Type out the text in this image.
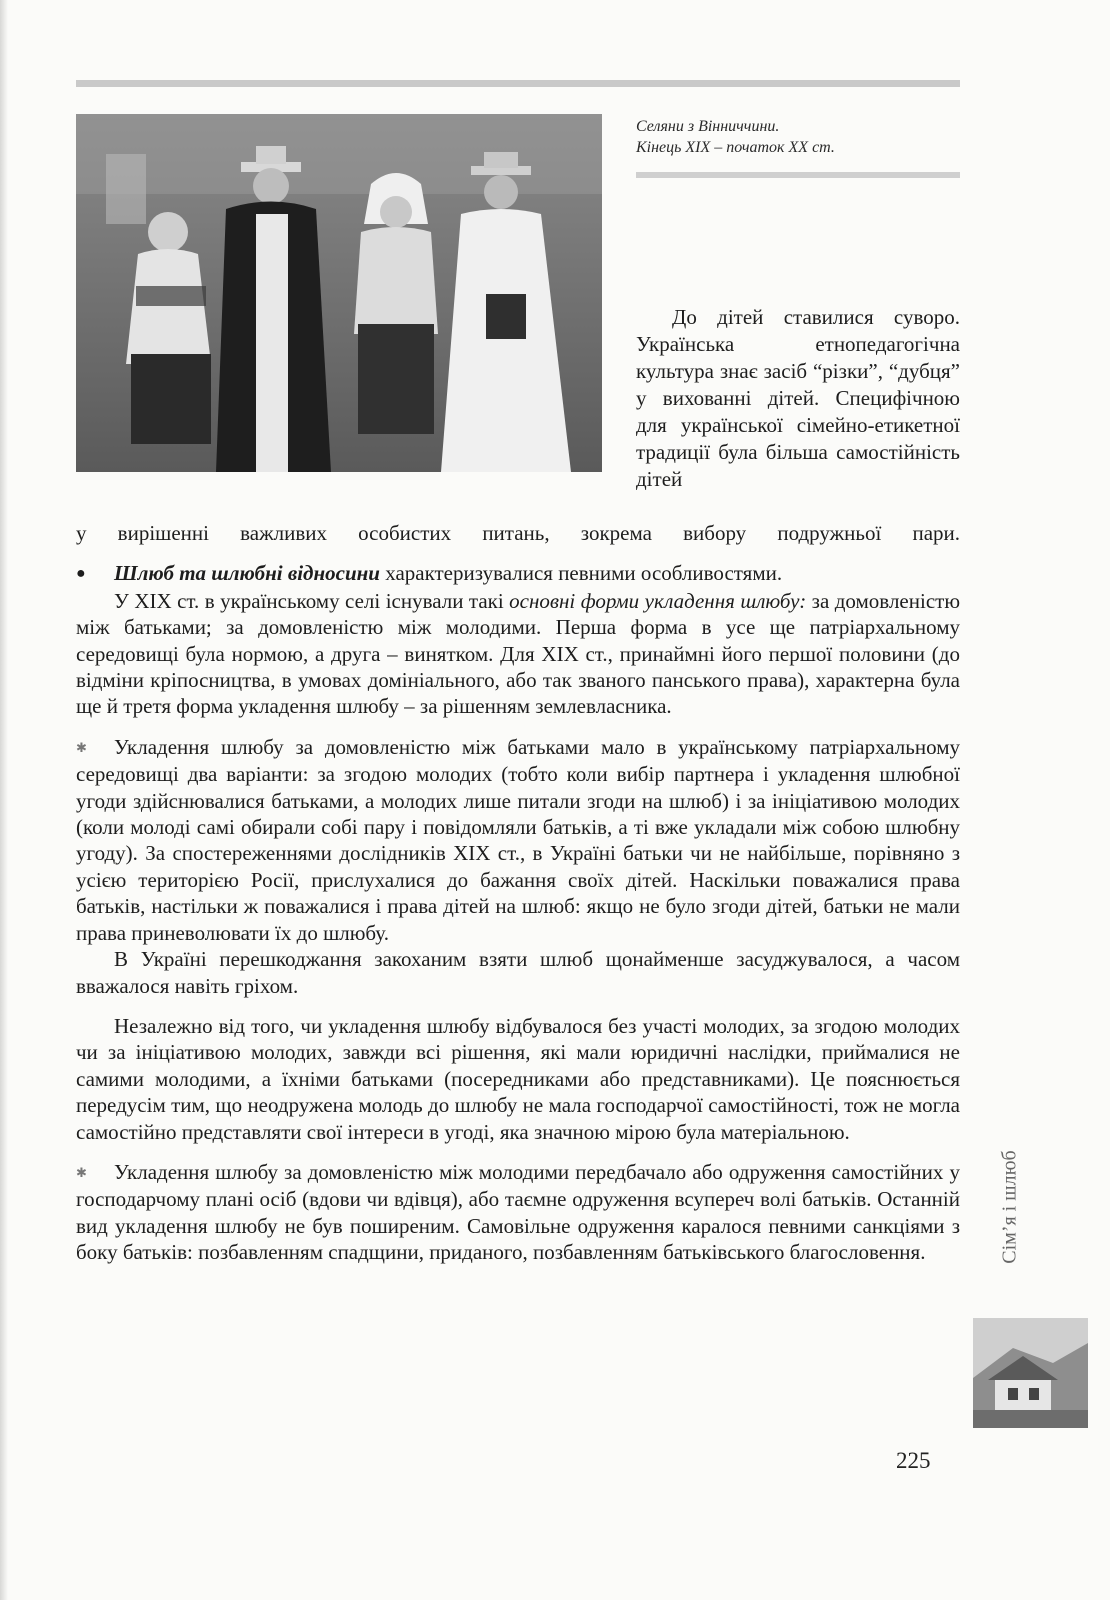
Селяни з Вінниччини.
Кінець XIX – початок XX ст.

До дітей ставилися суворо. Українська етнопедагогічна культура знає засіб “різки”, “дубця” у вихованні дітей. Специфічною для української сімейно-етикетної традиції була більша самостійність дітей

у вирішенні важливих особистих питань, зокрема вибору подружньої пари.

● Шлюб та шлюбні відносини характеризувалися певними особливостями.

У XIX ст. в українському селі існували такі основні форми укладення шлюбу: за домовленістю між батьками; за домовленістю між молодими. Перша форма в усе ще патріархальному середовищі була нормою, а друга – винятком. Для XIX ст., принаймні його першої половини (до відміни кріпосництва, в умовах домініального, або так званого панського права), характерна була ще й третя форма укладення шлюбу – за рішенням землевласника.

✱ Укладення шлюбу за домовленістю між батьками мало в українському патріархальному середовищі два варіанти: за згодою молодих (тобто коли вибір партнера і укладення шлюбної угоди здійснювалися батьками, а молодих лише питали згоди на шлюб) і за ініціативою молодих (коли молоді самі обирали собі пару і повідомляли батьків, а ті вже укладали між собою шлюбну угоду). За спостереженнями дослідників XIX ст., в Україні батьки чи не найбільше, порівняно з усією територією Росії, прислухалися до бажання своїх дітей. Наскільки поважалися права батьків, настільки ж поважалися і права дітей на шлюб: якщо не було згоди дітей, батьки не мали права приневолювати їх до шлюбу.

В Україні перешкоджання закоханим взяти шлюб щонайменше засуджувалося, а часом вважалося навіть гріхом.

Незалежно від того, чи укладення шлюбу відбувалося без участі молодих, за згодою молодих чи за ініціативою молодих, завжди всі рішення, які мали юридичні наслідки, приймалися не самими молодими, а їхніми батьками (посередниками або представниками). Це пояснюється передусім тим, що неодружена молодь до шлюбу не мала господарчої самостійності, тож не могла самостійно представляти свої інтереси в угоді, яка значною мірою була матеріальною.

✱ Укладення шлюбу за домовленістю між молодими передбачало або одруження самостійних у господарчому плані осіб (вдови чи вдівця), або таємне одруження всупереч волі батьків. Останній вид укладення шлюбу не був поширеним. Самовільне одруження каралося певними санкціями з боку батьків: позбавленням спадщини, приданого, позбавленням батьківського благословення.	Сім’я і шлюб
225
